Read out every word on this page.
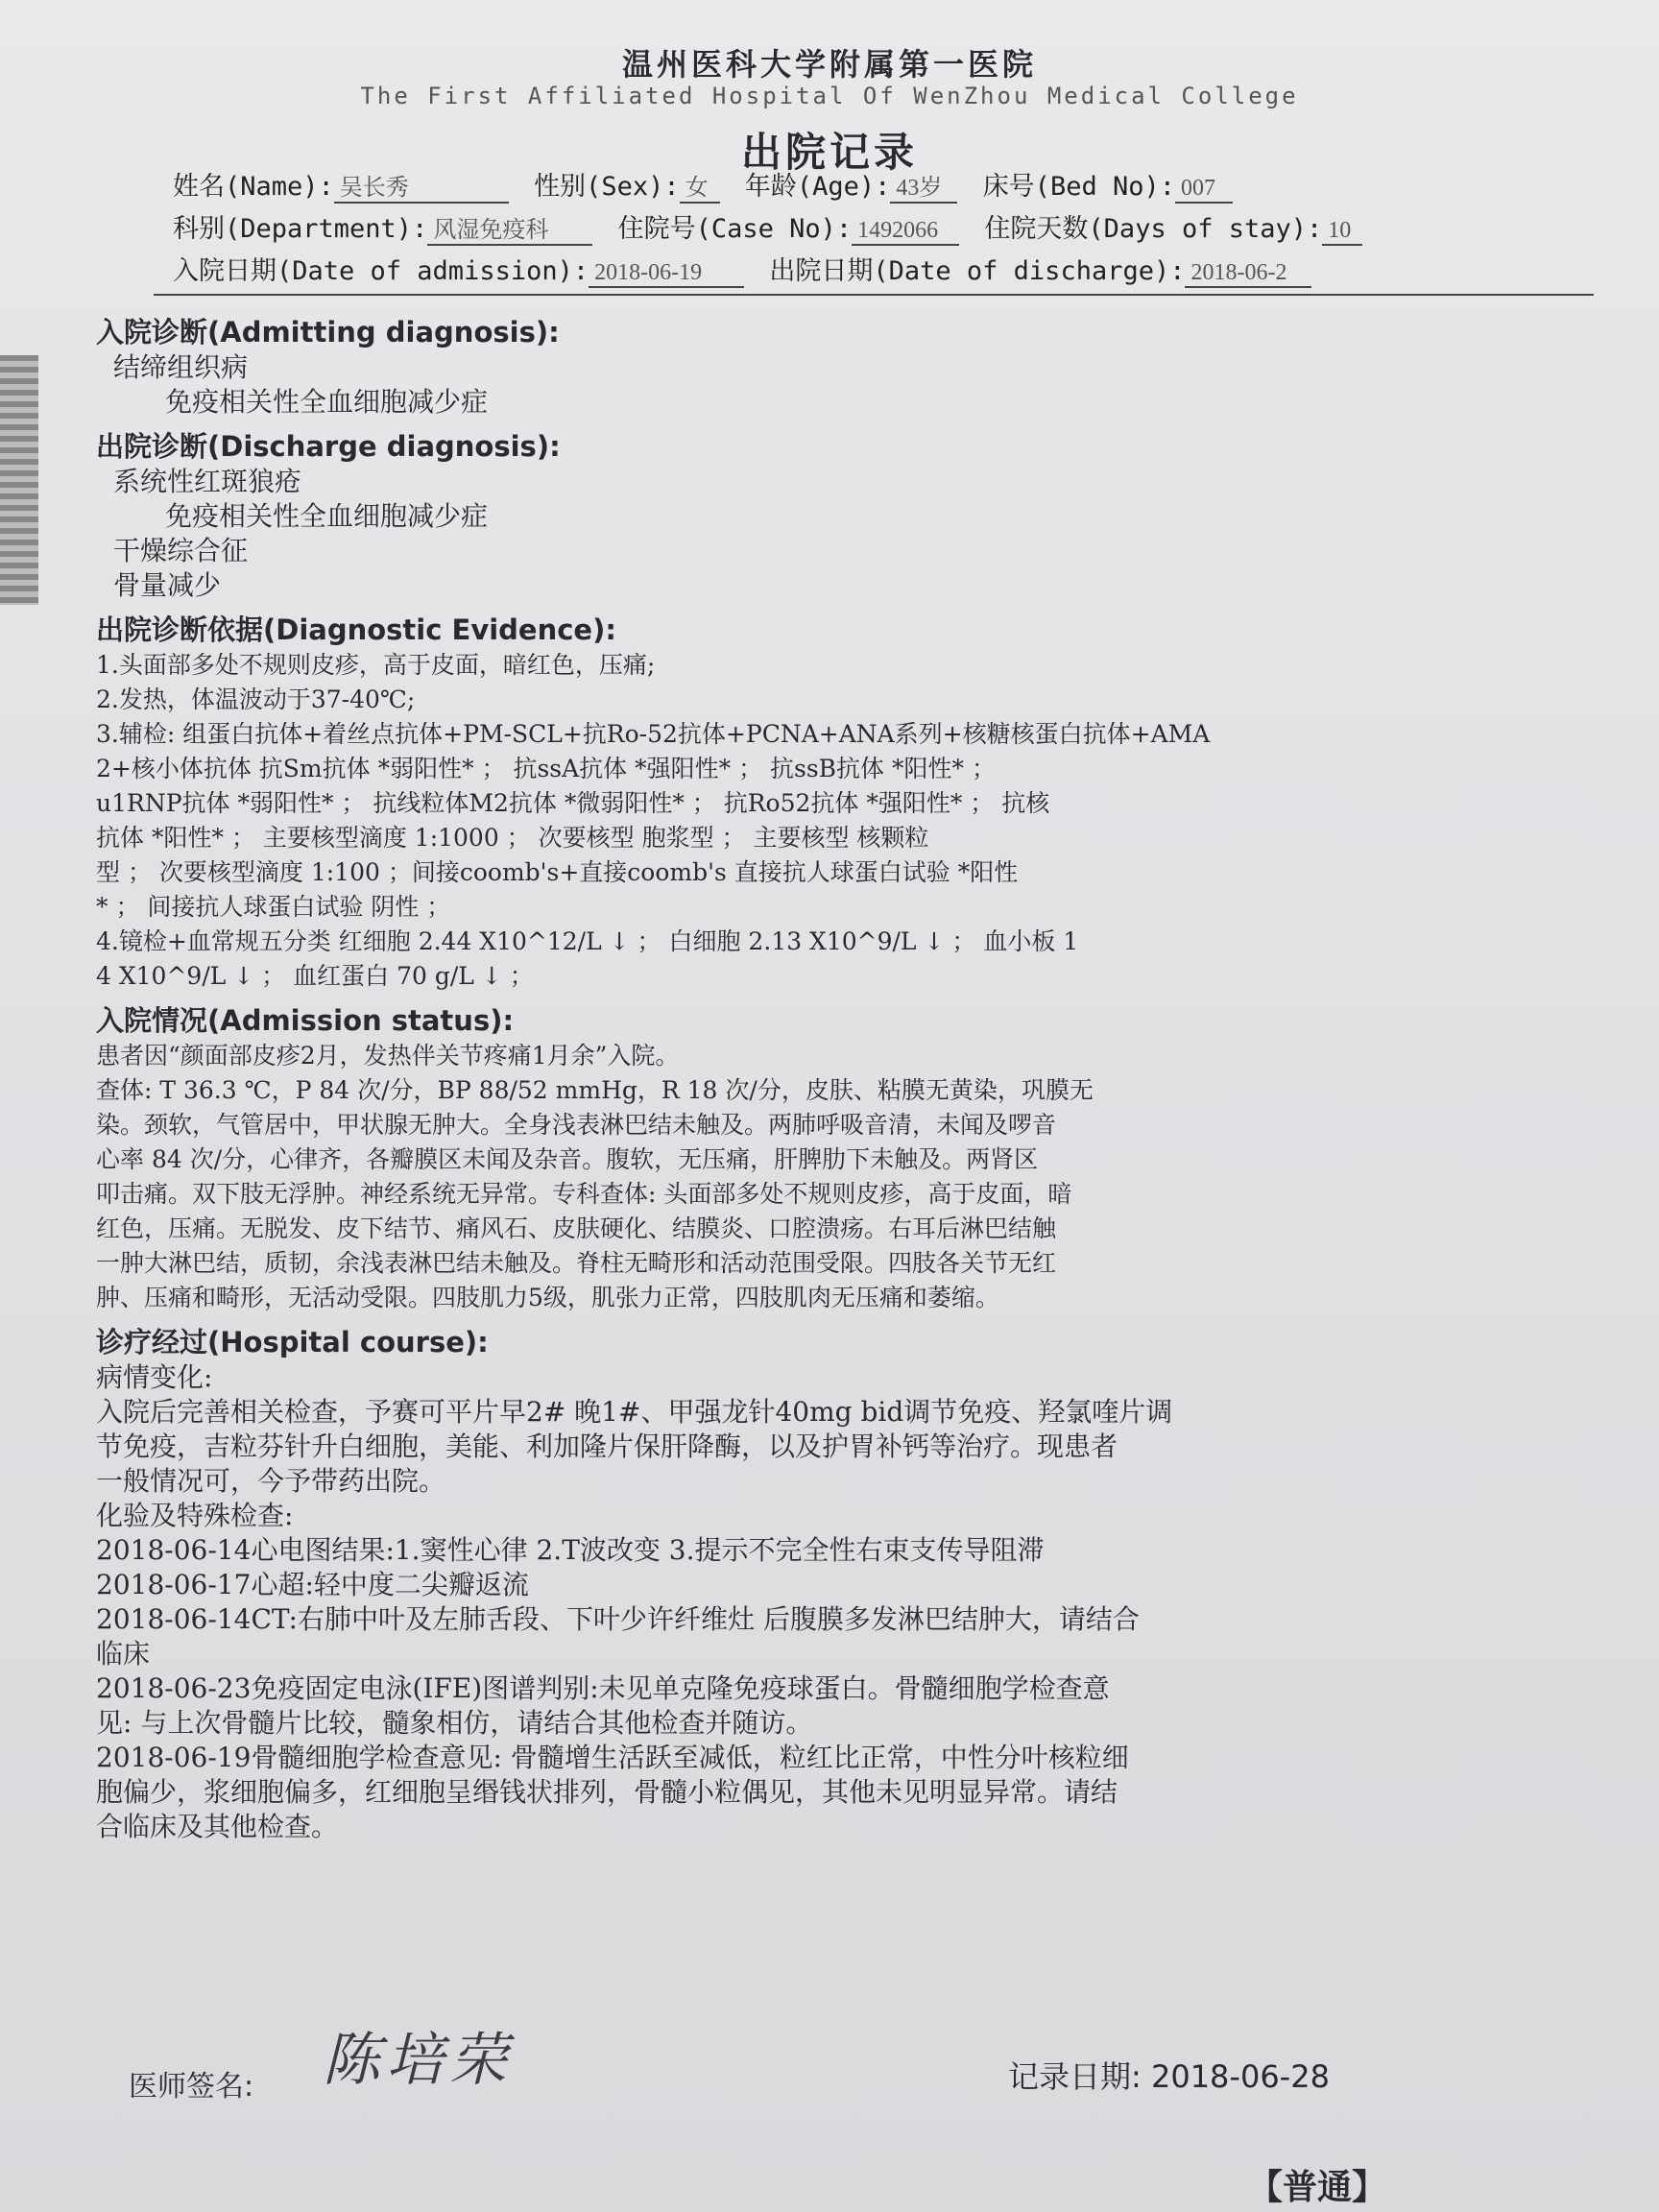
温州医科大学附属第一医院
The First Affiliated Hospital Of WenZhou Medical College
出院记录
姓名(Name): 吴长秀	性别(Sex): 女 年龄(Age): 43岁 床号(Bed No): 007
科别(Department): 风湿免疫科	住院号(Case No): 1492066 住院天数(Days of stay): 10
入院日期(Date of admission): 2018-06-19	出院日期(Date of discharge): 2018-06-2
入院诊断(Admitting diagnosis):
结缔组织病
免疫相关性全血细胞减少症
出院诊断(Discharge diagnosis):
系统性红斑狼疮
免疫相关性全血细胞减少症
干燥综合征
骨量减少
出院诊断依据(Diagnostic Evidence):
1.头面部多处不规则皮疹，高于皮面，暗红色，压痛;
2.发热，体温波动于37-40℃;
3.辅检: 组蛋白抗体+着丝点抗体+PM-SCL+抗Ro-52抗体+PCNA+ANA系列+核糖核蛋白抗体+AMA
2+核小体抗体 抗Sm抗体 *弱阳性* ； 抗ssA抗体 *强阳性* ； 抗ssB抗体 *阳性* ；
u1RNP抗体 *弱阳性* ； 抗线粒体M2抗体 *微弱阳性* ； 抗Ro52抗体 *强阳性* ； 抗核
抗体 *阳性* ； 主要核型滴度 1:1000 ； 次要核型 胞浆型 ； 主要核型 核颗粒
型 ； 次要核型滴度 1:100 ；间接coomb's+直接coomb's 直接抗人球蛋白试验 *阳性
* ； 间接抗人球蛋白试验 阴性 ；
4.镜检+血常规五分类 红细胞 2.44 X10^12/L ↓ ； 白细胞 2.13 X10^9/L ↓ ； 血小板 1
4 X10^9/L ↓ ； 血红蛋白 70 g/L ↓ ；
入院情况(Admission status):
患者因“颜面部皮疹2月，发热伴关节疼痛1月余”入院。
查体: T 36.3 ℃，P 84 次/分，BP 88/52 mmHg，R 18 次/分，皮肤、粘膜无黄染，巩膜无
染。颈软，气管居中，甲状腺无肿大。全身浅表淋巴结未触及。两肺呼吸音清，未闻及啰音
心率 84 次/分，心律齐，各瓣膜区未闻及杂音。腹软，无压痛，肝脾肋下未触及。两肾区
叩击痛。双下肢无浮肿。神经系统无异常。专科查体: 头面部多处不规则皮疹，高于皮面，暗
红色，压痛。无脱发、皮下结节、痛风石、皮肤硬化、结膜炎、口腔溃疡。右耳后淋巴结触
一肿大淋巴结，质韧，余浅表淋巴结未触及。脊柱无畸形和活动范围受限。四肢各关节无红
肿、压痛和畸形，无活动受限。四肢肌力5级，肌张力正常，四肢肌肉无压痛和萎缩。
诊疗经过(Hospital course):
病情变化:
入院后完善相关检查，予赛可平片早2# 晚1#、甲强龙针40mg bid调节免疫、羟氯喹片调
节免疫，吉粒芬针升白细胞，美能、利加隆片保肝降酶，以及护胃补钙等治疗。现患者
一般情况可，今予带药出院。
化验及特殊检查:
2018-06-14心电图结果:1.窦性心律 2.T波改变 3.提示不完全性右束支传导阻滞
2018-06-17心超:轻中度二尖瓣返流
2018-06-14CT:右肺中叶及左肺舌段、下叶少许纤维灶 后腹膜多发淋巴结肿大，请结合
临床
2018-06-23免疫固定电泳(IFE)图谱判别:未见单克隆免疫球蛋白。骨髓细胞学检查意
见: 与上次骨髓片比较，髓象相仿，请结合其他检查并随访。
2018-06-19骨髓细胞学检查意见: 骨髓增生活跃至减低，粒红比正常，中性分叶核粒细
胞偏少，浆细胞偏多，红细胞呈缗钱状排列，骨髓小粒偶见，其他未见明显异常。请结
合临床及其他检查。
医师签名: 陈培荣	记录日期: 2018-06-28
【普通】
